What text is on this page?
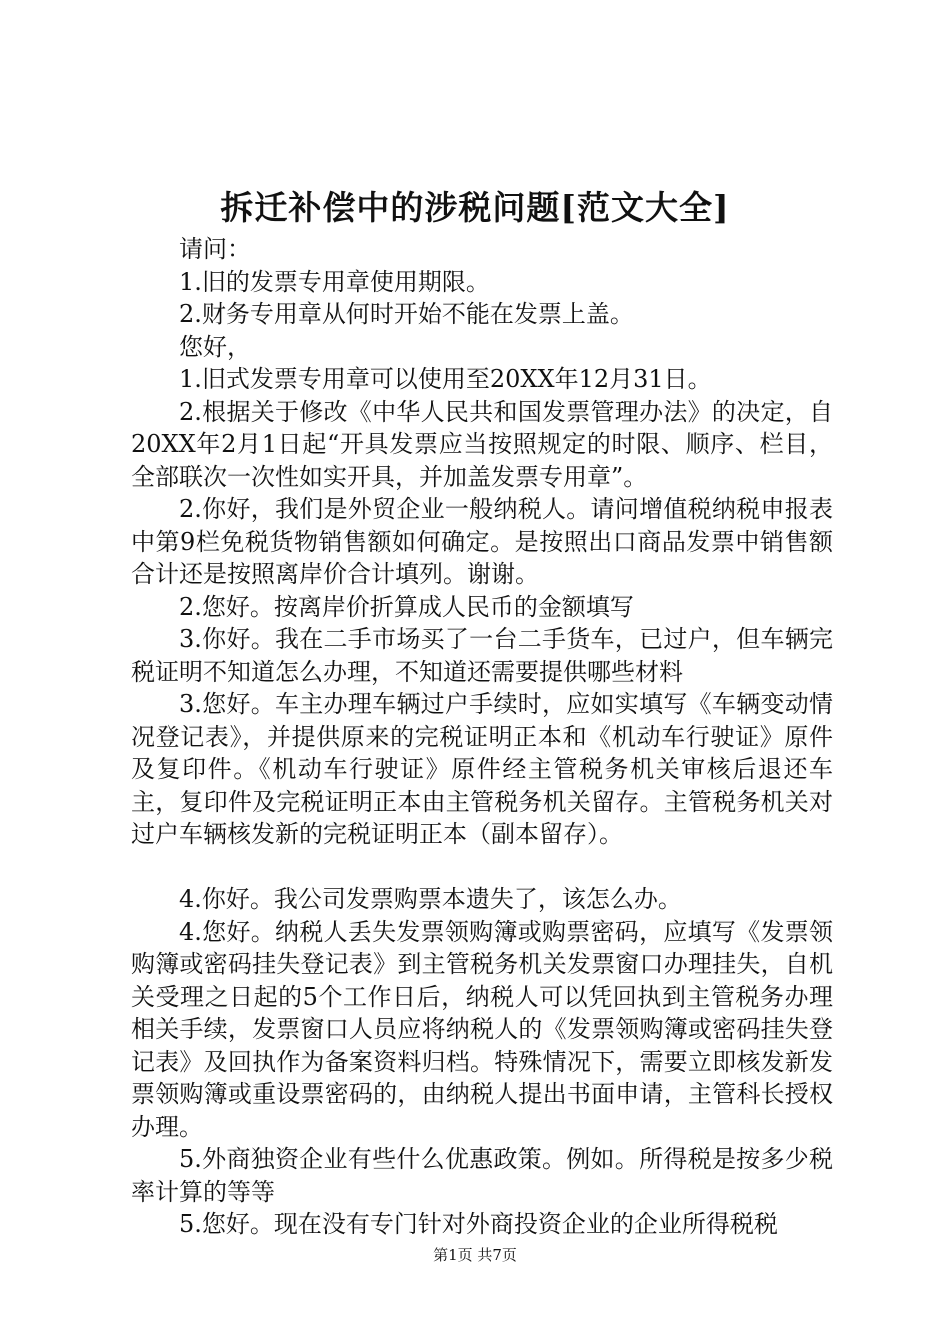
拆迁补偿中的涉税问题[范文大全]

请问：

1.旧的发票专用章使用期限。

2.财务专用章从何时开始不能在发票上盖。

您好，

1.旧式发票专用章可以使用至20XX年12月31日。

2.根据关于修改《中华人民共和国发票管理办法》的决定，自20XX年2月1日起“开具发票应当按照规定的时限、顺序、栏目，全部联次一次性如实开具，并加盖发票专用章”。

2.你好，我们是外贸企业一般纳税人。请问增值税纳税申报表中第9栏免税货物销售额如何确定。是按照出口商品发票中销售额合计还是按照离岸价合计填列。谢谢。

2.您好。按离岸价折算成人民币的金额填写

3.你好。我在二手市场买了一台二手货车，已过户，但车辆完税证明不知道怎么办理，不知道还需要提供哪些材料

3.您好。车主办理车辆过户手续时，应如实填写《车辆变动情况登记表》，并提供原来的完税证明正本和《机动车行驶证》原件及复印件。《机动车行驶证》原件经主管税务机关审核后退还车主，复印件及完税证明正本由主管税务机关留存。主管税务机关对过户车辆核发新的完税证明正本（副本留存）。

4.你好。我公司发票购票本遗失了，该怎么办。

4.您好。纳税人丢失发票领购簿或购票密码，应填写《发票领购簿或密码挂失登记表》到主管税务机关发票窗口办理挂失，自机关受理之日起的5个工作日后，纳税人可以凭回执到主管税务办理相关手续，发票窗口人员应将纳税人的《发票领购簿或密码挂失登记表》及回执作为备案资料归档。特殊情况下，需要立即核发新发票领购簿或重设票密码的，由纳税人提出书面申请，主管科长授权办理。

5.外商独资企业有些什么优惠政策。例如。所得税是按多少税率计算的等等

5.您好。现在没有专门针对外商投资企业的企业所得税税

第1页 共7页
